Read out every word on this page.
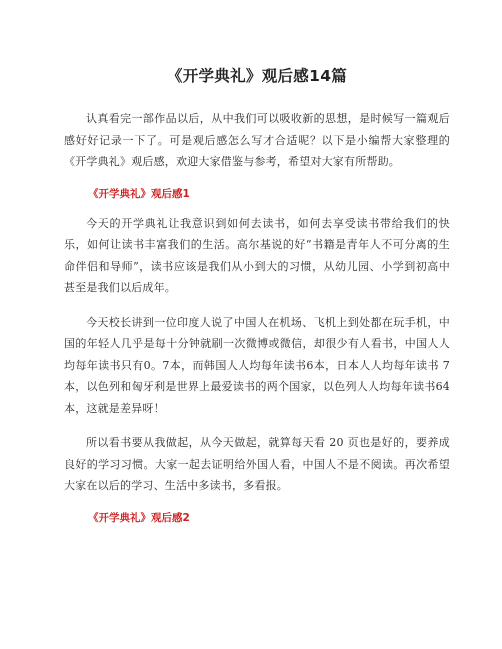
《开学典礼》观后感14篇

认真看完一部作品以后，从中我们可以吸收新的思想，是时候写一篇观后感好好记录一下了。可是观后感怎么写才合适呢？以下是小编帮大家整理的《开学典礼》观后感，欢迎大家借鉴与参考，希望对大家有所帮助。

《开学典礼》观后感1

今天的开学典礼让我意识到如何去读书，如何去享受读书带给我们的快乐，如何让读书丰富我们的生活。高尔基说的好“书籍是青年人不可分离的生命伴侣和导师”，读书应该是我们从小到大的习惯，从幼儿园、小学到初高中甚至是我们以后成年。

今天校长讲到一位印度人说了中国人在机场、飞机上到处都在玩手机，中国的年轻人几乎是每十分钟就刷一次微博或微信，却很少有人看书，中国人人均每年读书只有0。7本，而韩国人人均每年读书6本，日本人人均每年读书 7 本，以色列和匈牙利是世界上最爱读书的两个国家，以色列人人均每年读书64本，这就是差异呀！

所以看书要从我做起，从今天做起，就算每天看 20 页也是好的，要养成良好的学习习惯。大家一起去证明给外国人看，中国人不是不阅读。再次希望大家在以后的学习、生活中多读书，多看报。

《开学典礼》观后感2
